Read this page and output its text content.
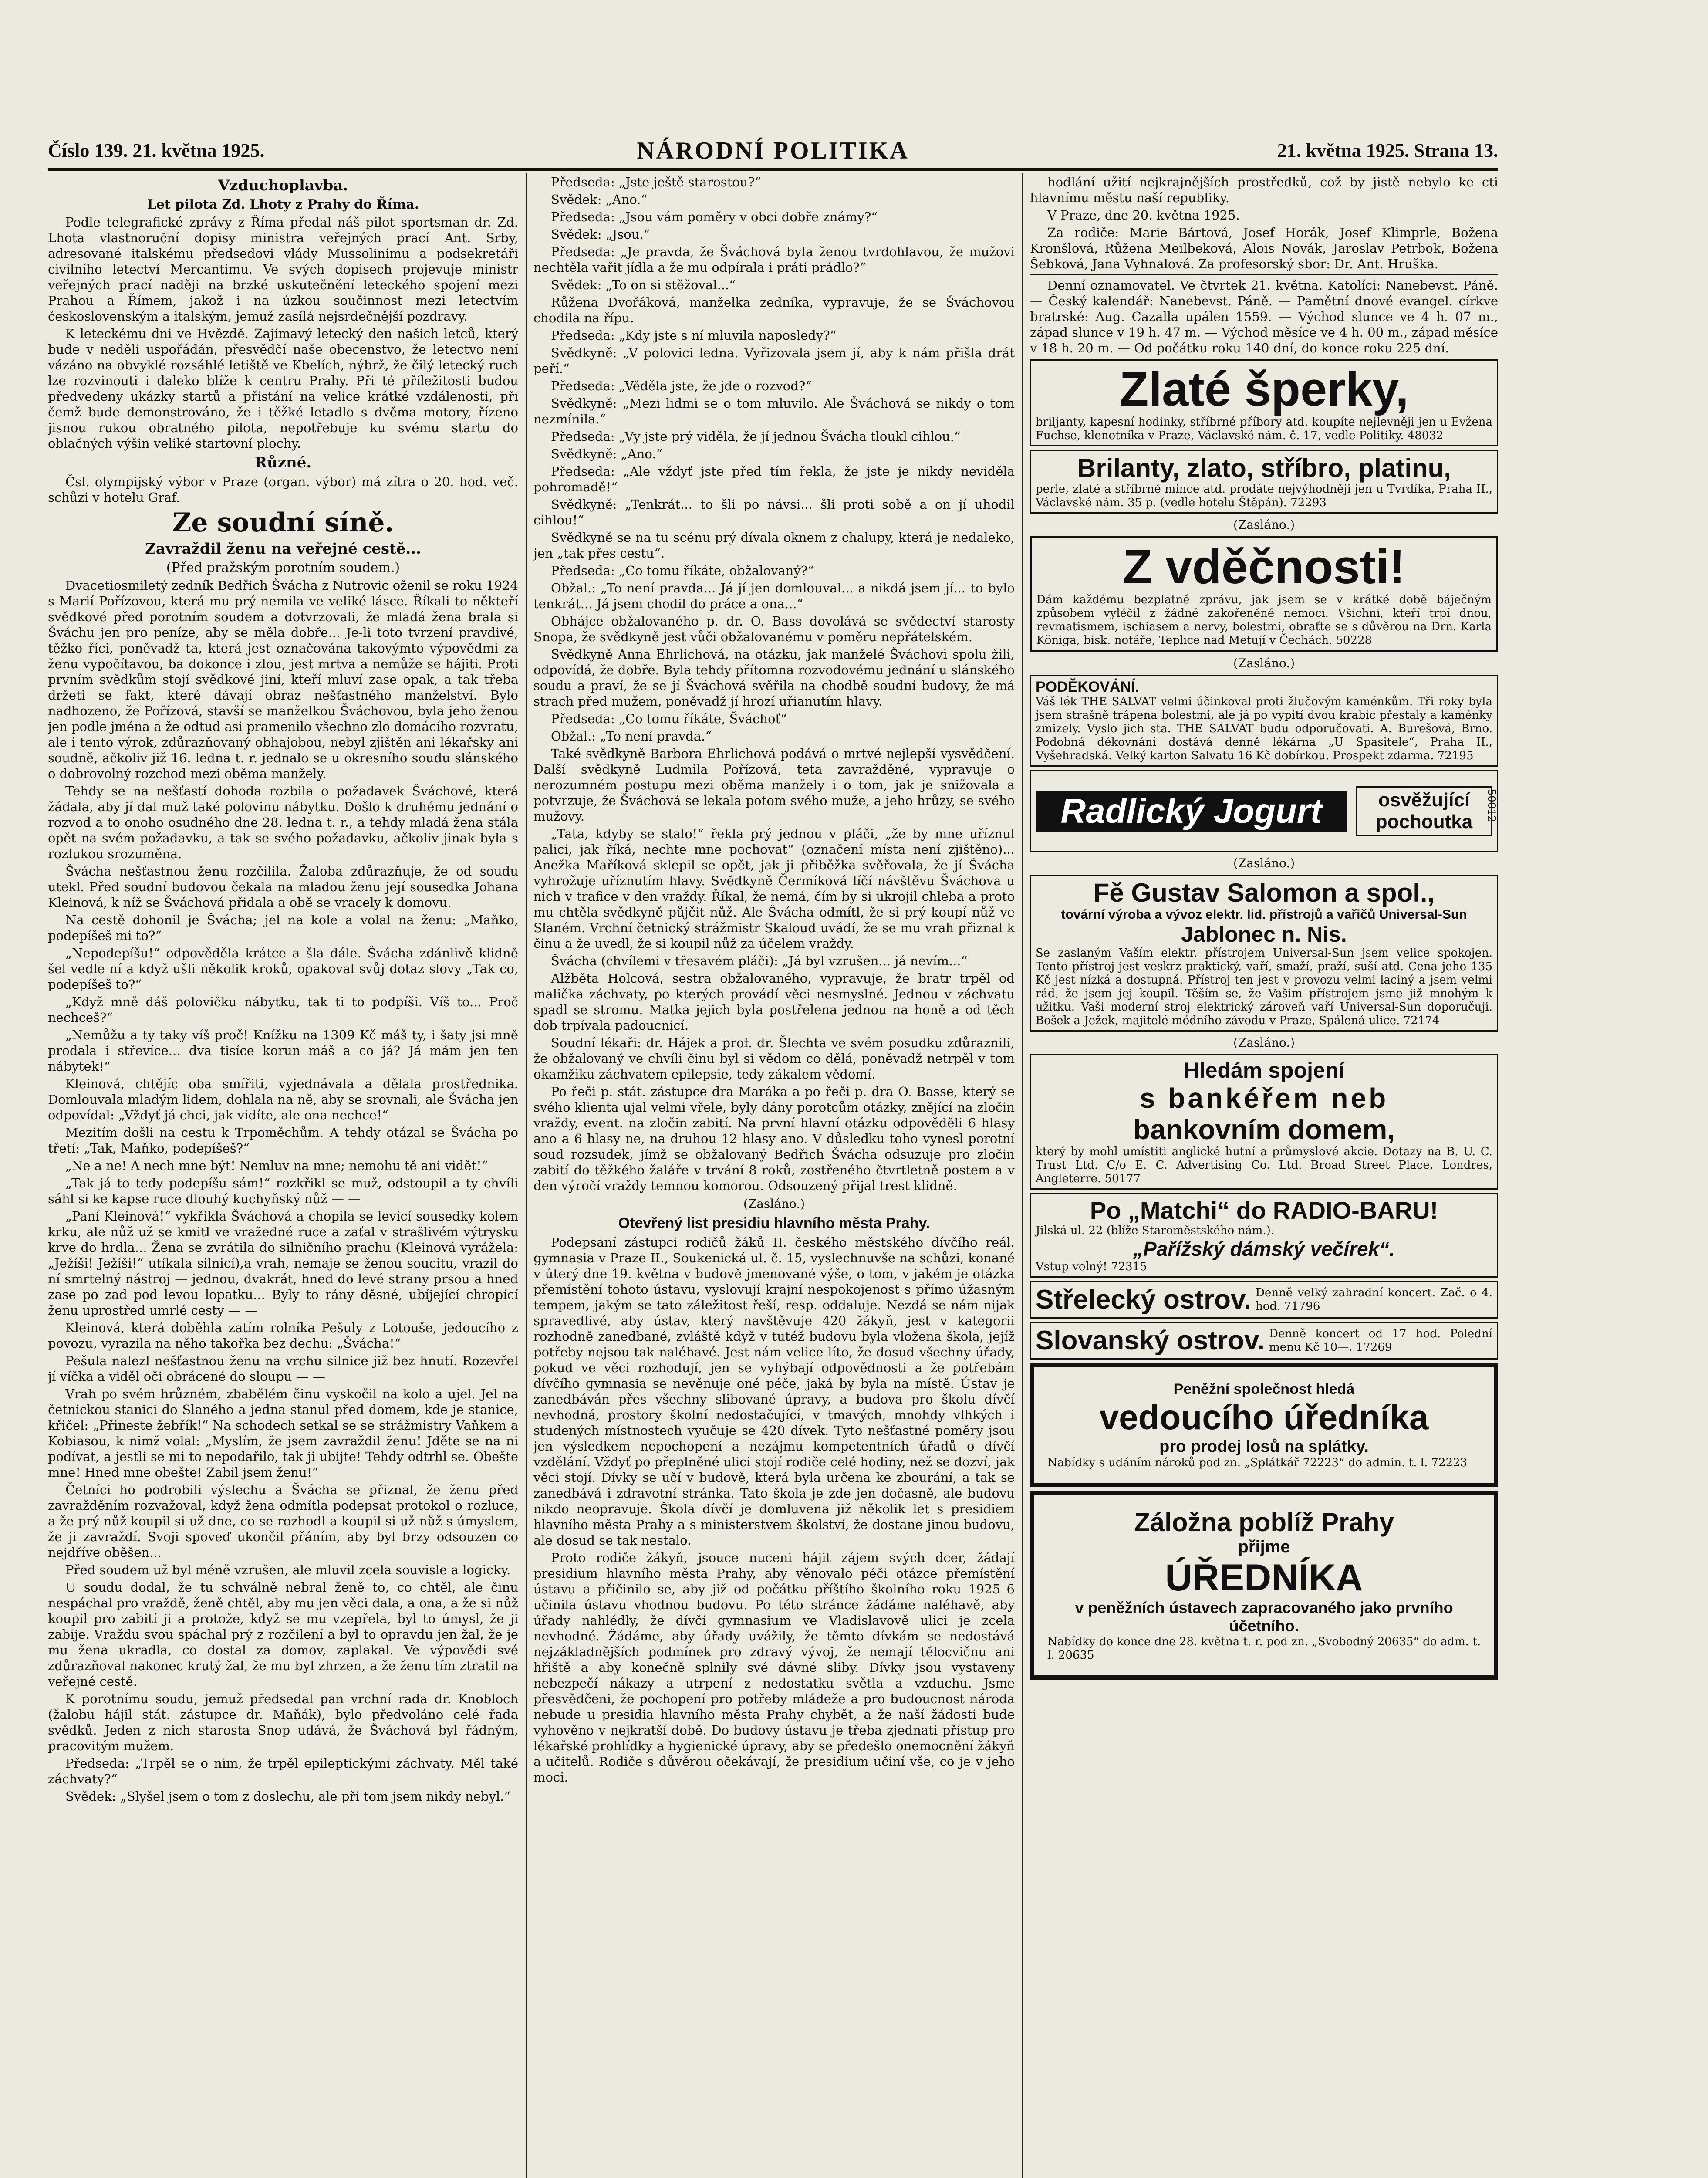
Číslo 139. 21. května 1925.	NÁRODNÍ POLITIKA	21. května 1925. Strana 13.
Vzduchoplavba.
Let pilota Zd. Lhoty z Prahy do Říma.

Podle telegrafické zprávy z Říma předal náš pilot sportsman dr. Zd. Lhota vlastnoruční dopisy ministra veřejných prací Ant. Srby, adresované italskému předsedovi vlády Mussolinimu a podsekretáři civilního letectví Mercantimu. Ve svých dopisech projevuje ministr veřejných prací naději na brzké uskutečnění leteckého spojení mezi Prahou a Římem, jakož i na úzkou součinnost mezi letectvím československým a italským, jemuž zasílá nejsrdečnější pozdravy.

K leteckému dni ve Hvězdě. Zajímavý letecký den našich letců, který bude v neděli uspořádán, přesvědčí naše obecenstvo, že letectvo není vázáno na obvyklé rozsáhlé letiště ve Kbelích, nýbrž, že čilý letecký ruch lze rozvinouti i daleko blíže k centru Prahy. Při té příležitosti budou předvedeny ukázky startů a přistání na velice krátké vzdálenosti, při čemž bude demonstrováno, že i těžké letadlo s dvěma motory, řízeno jisnou rukou obratného pilota, nepotřebuje ku svému startu do oblačných výšin veliké startovní plochy.

Různé.

Čsl. olympijský výbor v Praze (organ. výbor) má zítra o 20. hod. več. schůzi v hotelu Graf.

Ze soudní síně.
Zavraždil ženu na veřejné cestě...
(Před pražským porotním soudem.)

Dvacetiosmiletý zedník Bedřich Švácha z Nutrovic oženil se roku 1924 s Marií Pořízovou, která mu prý nemila ve veliké lásce. Říkali to někteří svědkové před porotním soudem a dotvrzovali, že mladá žena brala si Šváchu jen pro peníze, aby se měla dobře... Je-li toto tvrzení pravdivé, těžko říci, poněvadž ta, která jest označována takovýmto výpovědmi za ženu vypočítavou, ba dokonce i zlou, jest mrtva a nemůže se hájiti. Proti prvním svědkům stojí svědkové jiní, kteří mluví zase opak, a tak třeba držeti se fakt, které dávají obraz nešťastného manželství. Bylo nadhozeno, že Pořízová, stavší se manželkou Šváchovou, byla jeho ženou jen podle jména a že odtud asi pramenilo všechno zlo domácího rozvratu, ale i tento výrok, zdůrazňovaný obhajobou, nebyl zjištěn ani lékařsky ani soudně, ačkoliv již 16. ledna t. r. jednalo se u okresního soudu slánského o dobrovolný rozchod mezi oběma manžely.

Tehdy se na nešťastí dohoda rozbila o požadavek Šváchové, která žádala, aby jí dal muž také polovinu nábytku. Došlo k druhému jednání o rozvod a to onoho osudného dne 28. ledna t. r., a tehdy mladá žena stála opět na svém požadavku, a tak se svého požadavku, ačkoliv jinak byla s rozlukou srozuměna.

Švácha nešťastnou ženu rozčilila. Žaloba zdůrazňuje, že od soudu utekl. Před soudní budovou čekala na mladou ženu její sousedka Johana Kleinová, k níž se Šváchová přidala a obě se vracely k domovu.

Na cestě dohonil je Švácha; jel na kole a volal na ženu: „Maňko, podepíšeš mi to?“

„Nepodepíšu!“ odpověděla krátce a šla dále. Švácha zdánlivě klidně šel vedle ní a když ušli několik kroků, opakoval svůj dotaz slovy „Tak co, podepíšeš to?“

„Když mně dáš polovičku nábytku, tak ti to podpíši. Víš to... Proč nechceš?“

„Nemůžu a ty taky víš proč! Knížku na 1309 Kč máš ty, i šaty jsi mně prodala i střevíce... dva tisíce korun máš a co já? Já mám jen ten nábytek!“

Kleinová, chtějíc oba smířiti, vyjednávala a dělala prostřednika. Domlouvala mladým lidem, dohlala na ně, aby se srovnali, ale Švácha jen odpovídal: „Vždyť já chci, jak vidíte, ale ona nechce!“

Mezitím došli na cestu k Trpoměchům. A tehdy otázal se Švácha po třetí: „Tak, Maňko, podepíšeš?“

„Ne a ne! A nech mne být! Nemluv na mne; nemohu tě ani vidět!“

„Tak já to tedy podepíšu sám!“ rozkřikl se muž, odstoupil a ty chvíli sáhl si ke kapse ruce dlouhý kuchyňský nůž — —

„Paní Kleinová!“ vykřikla Šváchová a chopila se levicí sousedky kolem krku, ale nůž už se kmitl ve vražedné ruce a zaťal v strašlivém výtrysku krve do hrdla... Žena se zvrátila do silničního prachu (Kleinová vyrážela: „Ježíši! Ježíši!“ utíkala silnicí),a vrah, nemaje se ženou soucitu, vrazil do ní smrtelný nástroj — jednou, dvakrát, hned do levé strany prsou a hned zase po zad pod levou lopatku... Byly to rány děsné, ubíjející chropící ženu uprostřed umrlé cesty — —

Kleinová, která doběhla zatím rolníka Pešuly z Lotouše, jedoucího z povozu, vyrazila na něho takořka bez dechu: „Švácha!“

Pešula nalezl nešťastnou ženu na vrchu silnice již bez hnutí. Rozevřel jí víčka a viděl oči obrácené do sloupu — —

Vrah po svém hrůzném, zbabělém činu vyskočil na kolo a ujel. Jel na četnickou stanici do Slaného a jedna stanul před domem, kde je stanice, křičel: „Přineste žebřík!“ Na schodech setkal se se strážmistry Vaňkem a Kobiasou, k nimž volal: „Myslím, že jsem zavraždil ženu! Jděte se na ni podívat, a jestli se mi to nepodařilo, tak ji ubijte! Tehdy odtrhl se. Obešte mne! Hned mne obešte! Zabil jsem ženu!“

Četníci ho podrobili výslechu a Švácha se přiznal, že ženu před zavražděním rozvažoval, když žena odmítla podepsat protokol o rozluce, a že prý nůž koupil si už dne, co se rozhodl a koupil si už nůž s úmyslem, že ji zavraždí. Svoji spoveď ukončil přáním, aby byl brzy odsouzen co nejdříve oběšen...

Před soudem už byl méně vzrušen, ale mluvil zcela souvisle a logicky.

U soudu dodal, že tu schválně nebral ženě to, co chtěl, ale činu nespáchal pro vraždě, ženě chtěl, aby mu jen věci dala, a ona, a že si nůž koupil pro zabití ji a protože, když se mu vzepřela, byl to úmysl, že ji zabije. Vraždu svou spáchal prý z rozčilení a byl to opravdu jen žal, že je mu žena ukradla, co dostal za domov, zaplakal. Ve výpovědi své zdůrazňoval nakonec krutý žal, že mu byl zhrzen, a že ženu tím ztratil na veřejné cestě.

K porotnímu soudu, jemuž předsedal pan vrchní rada dr. Knobloch (žalobu hájil stát. zástupce dr. Maňák), bylo předvoláno celé řada svědků. Jeden z nich starosta Snop udává, že Šváchová byl řádným, pracovitým mužem.

Předseda: „Trpěl se o nim, že trpěl epileptickými záchvaty. Měl také záchvaty?“

Svědek: „Slyšel jsem o tom z doslechu, ale při tom jsem nikdy nebyl.“

Předseda: „Jste ještě starostou?“

Svědek: „Ano.“

Předseda: „Jsou vám poměry v obci dobře známy?“

Svědek: „Jsou.“

Předseda: „Je pravda, že Šváchová byla ženou tvrdohlavou, že mužovi nechtěla vařit jídla a že mu odpírala i práti prádlo?“

Svědek: „To on si stěžoval...“

Růžena Dvořáková, manželka zedníka, vypravuje, že se Šváchovou chodila na řípu.

Předseda: „Kdy jste s ní mluvila naposledy?“

Svědkyně: „V polovici ledna. Vyřizovala jsem jí, aby k nám přišla drát peří.“

Předseda: „Věděla jste, že jde o rozvod?“

Svědkyně: „Mezi lidmi se o tom mluvilo. Ale Šváchová se nikdy o tom nezmínila.“

Předseda: „Vy jste prý viděla, že jí jednou Švácha tloukl cihlou.“

Svědkyně: „Ano.“

Předseda: „Ale vždyť jste před tím řekla, že jste je nikdy neviděla pohromadě!“

Svědkyně: „Tenkrát... to šli po návsi... šli proti sobě a on jí uhodil cihlou!“

Svědkyně se na tu scénu prý dívala oknem z chalupy, která je nedaleko, jen „tak přes cestu“.

Předseda: „Co tomu říkáte, obžalovaný?“

Obžal.: „To není pravda... Já jí jen domlouval... a nikdá jsem jí... to bylo tenkrát... Já jsem chodil do práce a ona...“

Obhájce obžalovaného p. dr. O. Bass dovolává se svědectví starosty Snopa, že svědkyně jest vůči obžalovanému v poměru nepřátelském.

Svědkyně Anna Ehrlichová, na otázku, jak manželé Šváchovi spolu žili, odpovídá, že dobře. Byla tehdy přítomna rozvodovému jednání u slánského soudu a praví, že se jí Šváchová svěřila na chodbě soudní budovy, že má strach před mužem, poněvadž jí hrozí uřianutím hlavy.

Předseda: „Co tomu říkáte, Šváchoť“

Obžal.: „To není pravda.“

Také svědkyně Barbora Ehrlichová podává o mrtvé nejlepší vysvědčení. Další svědkyně Ludmila Pořízová, teta zavražděné, vypravuje o nerozumném postupu mezi oběma manžely i o tom, jak je snižovala a potvrzuje, že Šváchová se lekala potom svého muže, a jeho hrůzy, se svého mužovy.

„Tata, kdyby se stalo!“ řekla prý jednou v pláči, „že by mne uříznul palici, jak říká, nechte mne pochovat“ (označení místa není zjištěno)... Anežka Maříková sklepil se opět, jak ji přiběžka svěřovala, že jí Švácha vyhrožuje uříznutím hlavy. Svědkyně Čermíková líčí návštěvu Šváchova u nich v trafice v den vraždy. Říkal, že nemá, čím by si ukrojil chleba a proto mu chtěla svědkyně půjčit nůž. Ale Švácha odmítl, že si prý koupí nůž ve Slaném. Vrchní četnický strážmistr Skaloud uvádí, že se mu vrah přiznal k činu a že uvedl, že si koupil nůž za účelem vraždy.

Švácha (chvílemi v třesavém pláči): „Já byl vzrušen... já nevím...“

Alžběta Holcová, sestra obžalovaného, vypravuje, že bratr trpěl od malička záchvaty, po kterých provádí věci nesmyslné. Jednou v záchvatu spadl se stromu. Matka jejich byla postřelena jednou na honě a od těch dob trpívala padoucnicí.

Soudní lékaři: dr. Hájek a prof. dr. Šlechta ve svém posudku zdůraznili, že obžalovaný ve chvíli činu byl si vědom co dělá, poněvadž netrpěl v tom okamžiku záchvatem epilepsie, tedy zákalem vědomí.

Po řeči p. stát. zástupce dra Maráka a po řeči p. dra O. Basse, který se svého klienta ujal velmi vřele, byly dány porotcům otázky, znějící na zločin vraždy, event. na zločin zabití. Na první hlavní otázku odpověděli 6 hlasy ano a 6 hlasy ne, na druhou 12 hlasy ano. V důsledku toho vynesl porotní soud rozsudek, jímž se obžalovaný Bedřich Švácha odsuzuje pro zločin zabití do těžkého žaláře v trvání 8 roků, zostřeného čtvrtletně postem a v den výročí vraždy temnou komorou. Odsouzený přijal trest klidně.

(Zasláno.)
Otevřený list presidiu hlavního města Prahy.

Podepsaní zástupci rodičů žáků II. českého městského dívčího reál. gymnasia v Praze II., Soukenická ul. č. 15, vyslechnuvše na schůzi, konané v úterý dne 19. května v budově jmenované výše, o tom, v jakém je otázka přemístění tohoto ústavu, vyslovují krajní nespokojenost s přímo úžasným tempem, jakým se tato záležitost řeší, resp. oddaluje. Nezdá se nám nijak spravedlivé, aby ústav, který navštěvuje 420 žákyň, jest v kategorii rozhodně zanedbané, zvláště když v tutéž budovu byla vložena škola, jejíž potřeby nejsou tak naléhavé. Jest nám velice líto, že dosud všechny úřady, pokud ve věci rozhodují, jen se vyhýbají odpovědnosti a že potřebám dívčího gymnasia se nevěnuje oné péče, jaká by byla na místě. Ústav je zanedbáván přes všechny slibované úpravy, a budova pro školu dívčí nevhodná, prostory školní nedostačující, v tmavých, mnohdy vlhkých i studených místnostech vyučuje se 420 dívek. Tyto nešťastné poměry jsou jen výsledkem nepochopení a nezájmu kompetentních úřadů o dívčí vzdělání. Vždyť po přeplněné ulici stojí rodiče celé hodiny, než se dozví, jak věci stojí. Dívky se učí v budově, která byla určena ke zbourání, a tak se zanedbává i zdravotní stránka. Tato škola je zde jen dočasně, ale budovu nikdo neopravuje. Škola dívčí je domluvena již několik let s presidiem hlavního města Prahy a s ministerstvem školství, že dostane jinou budovu, ale dosud se tak nestalo.

Proto rodiče žákyň, jsouce nuceni hájit zájem svých dcer, žádají presidium hlavního města Prahy, aby věnovalo péči otázce přemístění ústavu a přičinilo se, aby již od počátku příštího školního roku 1925–6 učinila ústavu vhodnou budovu. Po této stránce žádáme naléhavě, aby úřady nahlédly, že dívčí gymnasium ve Vladislavově ulici je zcela nevhodné. Žádáme, aby úřady uvážily, že těmto dívkám se nedostává nejzákladnějších podmínek pro zdravý vývoj, že nemají tělocvičnu ani hřiště a aby konečně splnily své dávné sliby. Dívky jsou vystaveny nebezpečí nákazy a utrpení z nedostatku světla a vzduchu. Jsme přesvědčeni, že pochopení pro potřeby mládeže a pro budoucnost národa nebude u presidia hlavního města Prahy chybět, a že naší žádosti bude vyhověno v nejkratší době. Do budovy ústavu je třeba zjednati přístup pro lékařské prohlídky a hygienické úpravy, aby se předešlo onemocnění žákyň a učitelů. Rodiče s důvěrou očekávají, že presidium učiní vše, co je v jeho moci.

hodlání užití nejkrajnějších prostředků, což by jistě nebylo ke cti hlavnímu městu naší republiky.

V Praze, dne 20. května 1925.

Za rodiče: Marie Bártová, Josef Horák, Josef Klimprle, Božena Kronšlová, Růžena Meilbeková, Alois Novák, Jaroslav Petrbok, Božena Šebková, Jana Vyhnalová. Za profesorský sbor: Dr. Ant. Hruška.

Denní oznamovatel. Ve čtvrtek 21. května. Katolíci: Nanebevst. Páně. — Český kalendář: Nanebevst. Páně. — Pamětní dnové evangel. církve bratrské: Aug. Cazalla upálen 1559. — Východ slunce ve 4 h. 07 m., západ slunce v 19 h. 47 m. — Východ měsíce ve 4 h. 00 m., západ měsíce v 18 h. 20 m. — Od počátku roku 140 dní, do konce roku 225 dní.

Zlaté šperky,
briljanty, kapesní hodinky, stříbrné příbory atd. koupíte nejlevněji jen u Evžena Fuchse, klenotníka v Praze, Václavské nám. č. 17, vedle Politiky. 48032
Brilanty, zlato, stříbro, platinu,
perle, zlaté a stříbrné mince atd. prodáte nejvýhodněji jen u Tvrdíka, Praha II., Václavské nám. 35 p. (vedle hotelu Štěpán). 72293
(Zasláno.)
Z vděčnosti!
Dám každému bezplatně zprávu, jak jsem se v krátké době báječným způsobem vyléčil z žádné zakořeněné nemoci. Všichni, kteří trpí dnou, revmatismem, ischiasem a nervy, bolestmi, obraťte se s důvěrou na Drn. Karla Königa, bisk. notáře, Teplice nad Metují v Čechách. 50228
(Zasláno.)
PODĚKOVÁNÍ.
Váš lék THE SALVAT velmi účinkoval proti žlučovým kaménkům. Tři roky byla jsem strašně trápena bolestmi, ale já po vypití dvou krabic přestaly a kaménky zmizely. Vyslo jich sta. THE SALVAT budu odporučovati. A. Burešová, Brno. Podobná děkovnání dostává denně lékárna „U Spasitele“, Praha II., Vyšehradská. Velký karton Salvatu 16 Kč dobírkou. Prospekt zdarma. 72195
Radlický Jogurt	osvěžující pochoutka	50012
(Zasláno.)
Fě Gustav Salomon a spol.,
tovární výroba a vývoz elektr. lid. přístrojů a vařičů Universal-Sun
Jablonec n. Nis.
Se zaslaným Vaším elektr. přístrojem Universal-Sun jsem velice spokojen. Tento přístroj jest veskrz praktický, vaří, smaží, praží, suší atd. Cena jeho 135 Kč jest nízká a dostupná. Přístroj ten jest v provozu velmi laciný a jsem velmi rád, že jsem jej koupil. Těším se, že Vašim přístrojem jsme již mnohým k užitku. Vaši moderní stroj elektrický zároveň vaří Universal-Sun doporučuji. Bošek a Ježek, majitelé módního závodu v Praze, Spálená ulice. 72174
(Zasláno.)
Hledám spojení
s bankéřem neb
bankovním domem,
který by mohl umístiti anglické hutní a průmyslové akcie. Dotazy na B. U. C. Trust Ltd. C/o E. C. Advertising Co. Ltd. Broad Street Place, Londres, Angleterre. 50177
Po „Matchi“ do RADIO-BARU!
Jilská ul. 22 (blíže Staroměstského nám.).
„Pařížský dámský večírek“.
Vstup volný! 72315
Střelecký ostrov. Denně velký zahradní koncert. Zač. o 4. hod. 71796
Slovanský ostrov. Denně koncert od 17 hod. Polední menu Kč 10—. 17269
Peněžní společnost hledá
vedoucího úředníka
pro prodej losů na splátky.
Nabídky s udáním nároků pod zn. „Splátkář 72223“ do admin. t. l. 72223
Záložna poblíž Prahy
přijme
ÚŘEDNÍKA
v peněžních ústavech zapracovaného jako prvního účetního.
Nabídky do konce dne 28. května t. r. pod zn. „Svobodný 20635“ do adm. t. l. 20635
